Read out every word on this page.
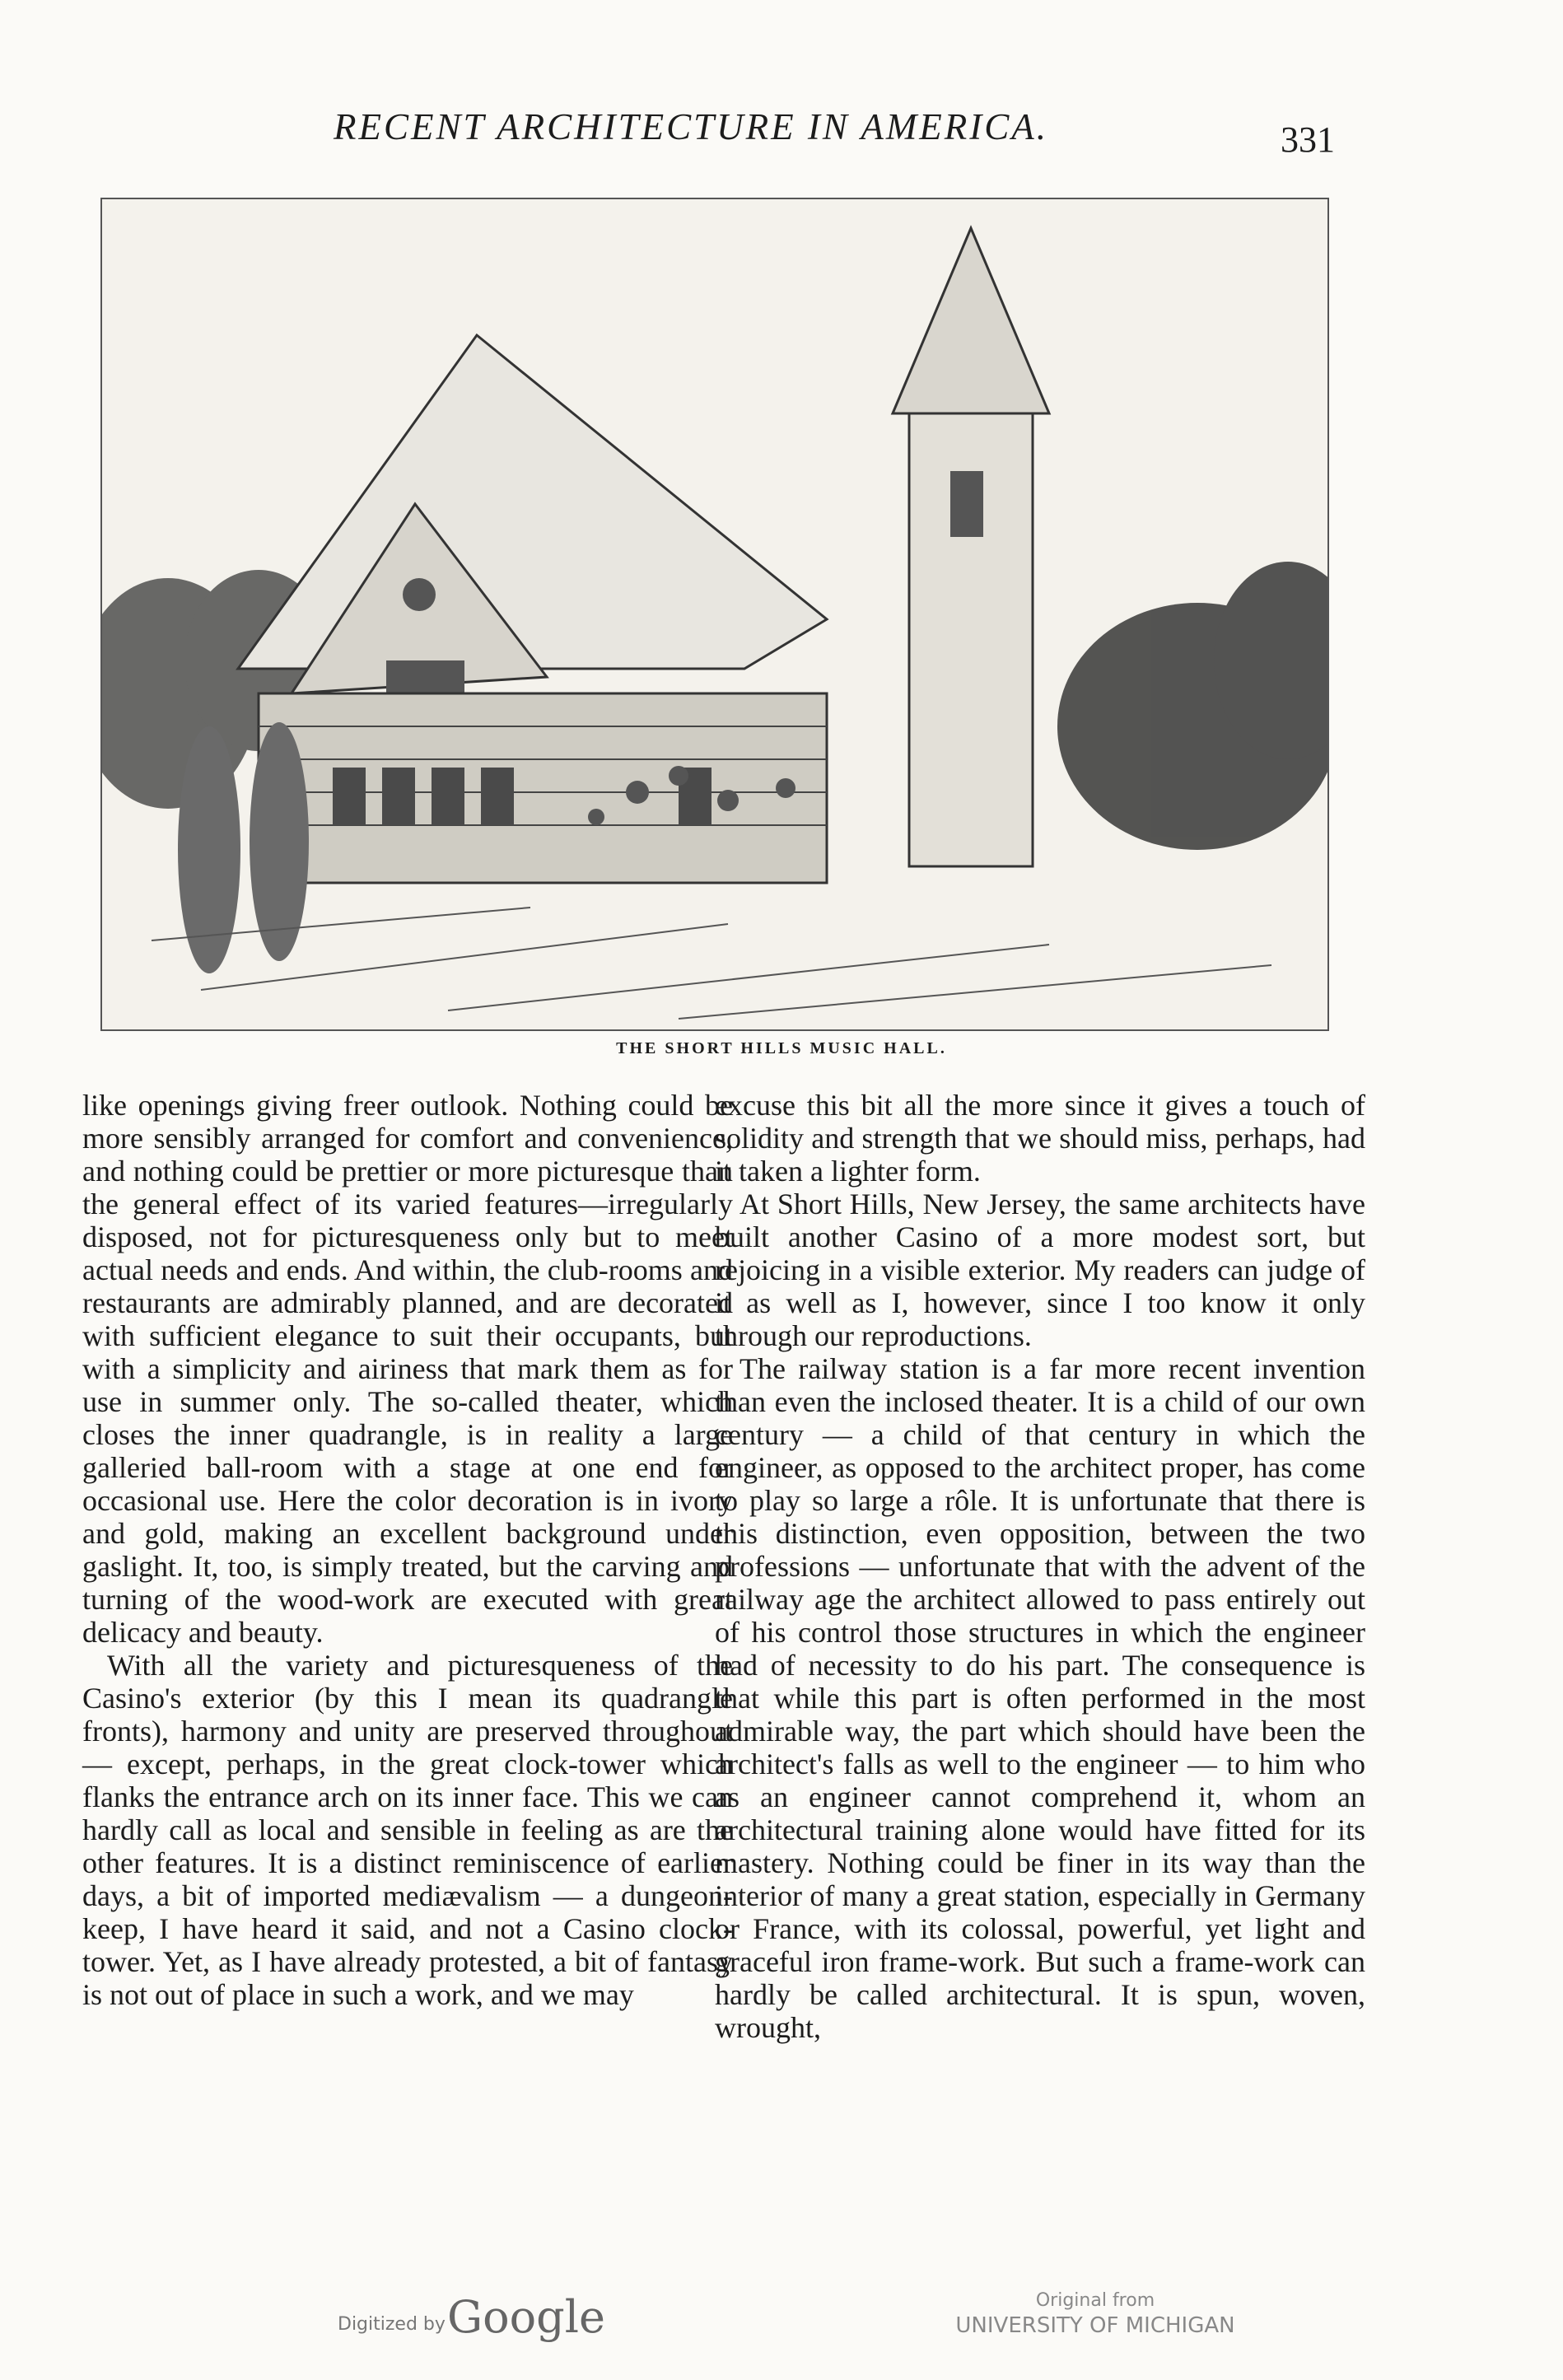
RECENT ARCHITECTURE IN AMERICA.	331
THE SHORT HILLS MUSIC HALL.

like openings giving freer outlook. Nothing could be more sensibly arranged for comfort and convenience, and nothing could be prettier or more picturesque than the general effect of its varied features—irregularly disposed, not for picturesqueness only but to meet actual needs and ends. And within, the club-rooms and restaurants are admirably planned, and are decorated with sufficient elegance to suit their occupants, but with a simplicity and airiness that mark them as for use in summer only. The so-called theater, which closes the inner quadrangle, is in reality a large galleried ball-room with a stage at one end for occasional use. Here the color decoration is in ivory and gold, making an excellent background under gaslight. It, too, is simply treated, but the carving and turning of the wood-work are executed with great delicacy and beauty.

With all the variety and picturesqueness of the Casino's exterior (by this I mean its quadrangle fronts), harmony and unity are preserved throughout — except, perhaps, in the great clock-tower which flanks the entrance arch on its inner face. This we can hardly call as local and sensible in feeling as are the other features. It is a distinct reminiscence of earlier days, a bit of imported mediævalism — a dungeon-keep, I have heard it said, and not a Casino clock-tower. Yet, as I have already protested, a bit of fantasy is not out of place in such a work, and we may

excuse this bit all the more since it gives a touch of solidity and strength that we should miss, perhaps, had it taken a lighter form.

At Short Hills, New Jersey, the same architects have built another Casino of a more modest sort, but rejoicing in a visible exterior. My readers can judge of it as well as I, however, since I too know it only through our reproductions.

The railway station is a far more recent invention than even the inclosed theater. It is a child of our own century — a child of that century in which the engineer, as opposed to the architect proper, has come to play so large a rôle. It is unfortunate that there is this distinction, even opposition, between the two professions — unfortunate that with the advent of the railway age the architect allowed to pass entirely out of his control those structures in which the engineer had of necessity to do his part. The consequence is that while this part is often performed in the most admirable way, the part which should have been the architect's falls as well to the engineer — to him who as an engineer cannot comprehend it, whom an architectural training alone would have fitted for its mastery. Nothing could be finer in its way than the interior of many a great station, especially in Germany or France, with its colossal, powerful, yet light and graceful iron frame-work. But such a frame-work can hardly be called architectural. It is spun, woven, wrought,

Digitized by Google	Original from
UNIVERSITY OF MICHIGAN
